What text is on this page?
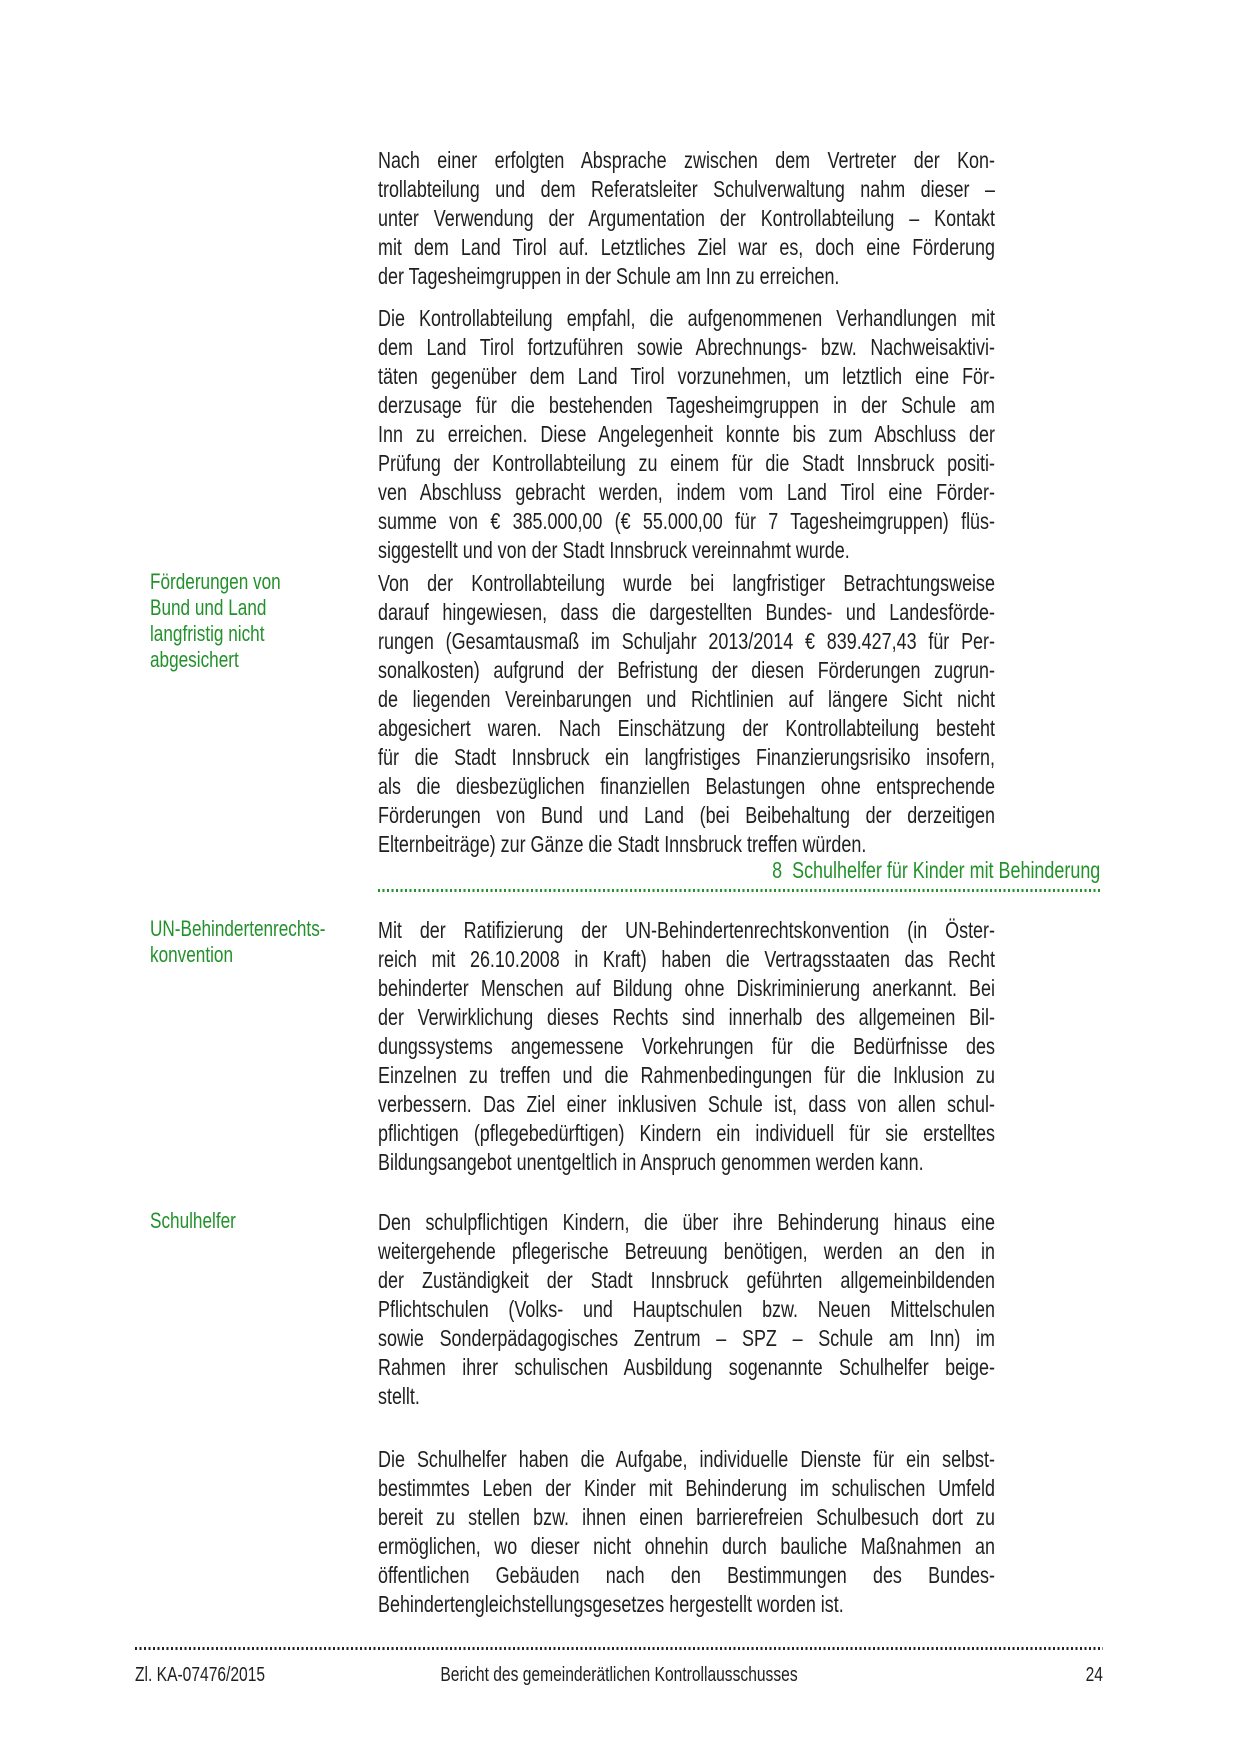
Nach einer erfolgten Absprache zwischen dem Vertreter der Kon-
trollabteilung und dem Referatsleiter Schulverwaltung nahm dieser –
unter Verwendung der Argumentation der Kontrollabteilung – Kontakt
mit dem Land Tirol auf. Letztliches Ziel war es, doch eine Förderung
der Tagesheimgruppen in der Schule am Inn zu erreichen.
Die Kontrollabteilung empfahl, die aufgenommenen Verhandlungen mit
dem Land Tirol fortzuführen sowie Abrechnungs- bzw. Nachweisaktivi-
täten gegenüber dem Land Tirol vorzunehmen, um letztlich eine För-
derzusage für die bestehenden Tagesheimgruppen in der Schule am
Inn zu erreichen. Diese Angelegenheit konnte bis zum Abschluss der
Prüfung der Kontrollabteilung zu einem für die Stadt Innsbruck positi-
ven Abschluss gebracht werden, indem vom Land Tirol eine Förder-
summe von € 385.000,00 (€ 55.000,00 für 7 Tagesheimgruppen) flüs-
siggestellt und von der Stadt Innsbruck vereinnahmt wurde.
Von der Kontrollabteilung wurde bei langfristiger Betrachtungsweise
darauf hingewiesen, dass die dargestellten Bundes- und Landesförde-
rungen (Gesamtausmaß im Schuljahr 2013/2014 € 839.427,43 für Per-
sonalkosten) aufgrund der Befristung der diesen Förderungen zugrun-
de liegenden Vereinbarungen und Richtlinien auf längere Sicht nicht
abgesichert waren. Nach Einschätzung der Kontrollabteilung besteht
für die Stadt Innsbruck ein langfristiges Finanzierungsrisiko insofern,
als die diesbezüglichen finanziellen Belastungen ohne entsprechende
Förderungen von Bund und Land (bei Beibehaltung der derzeitigen
Elternbeiträge) zur Gänze die Stadt Innsbruck treffen würden.
8  Schulhelfer für Kinder mit Behinderung
Mit der Ratifizierung der UN-Behindertenrechtskonvention (in Öster-
reich mit 26.10.2008 in Kraft) haben die Vertragsstaaten das Recht
behinderter Menschen auf Bildung ohne Diskriminierung anerkannt. Bei
der Verwirklichung dieses Rechts sind innerhalb des allgemeinen Bil-
dungssystems angemessene Vorkehrungen für die Bedürfnisse des
Einzelnen zu treffen und die Rahmenbedingungen für die Inklusion zu
verbessern. Das Ziel einer inklusiven Schule ist, dass von allen schul-
pflichtigen (pflegebedürftigen) Kindern ein individuell für sie erstelltes
Bildungsangebot unentgeltlich in Anspruch genommen werden kann.
Den schulpflichtigen Kindern, die über ihre Behinderung hinaus eine
weitergehende pflegerische Betreuung benötigen, werden an den in
der Zuständigkeit der Stadt Innsbruck geführten allgemeinbildenden
Pflichtschulen (Volks- und Hauptschulen bzw. Neuen Mittelschulen
sowie Sonderpädagogisches Zentrum – SPZ – Schule am Inn) im
Rahmen ihrer schulischen Ausbildung sogenannte Schulhelfer beige-
stellt.
Die Schulhelfer haben die Aufgabe, individuelle Dienste für ein selbst-
bestimmtes Leben der Kinder mit Behinderung im schulischen Umfeld
bereit zu stellen bzw. ihnen einen barrierefreien Schulbesuch dort zu
ermöglichen, wo dieser nicht ohnehin durch bauliche Maßnahmen an
öffentlichen Gebäuden nach den Bestimmungen des Bundes-
Behindertengleichstellungsgesetzes hergestellt worden ist.
Förderungen von
Bund und Land
langfristig nicht
abgesichert
UN-Behindertenrechts-
konvention
Schulhelfer
Zl. KA-07476/2015	Bericht des gemeinderätlichen Kontrollausschusses	24
